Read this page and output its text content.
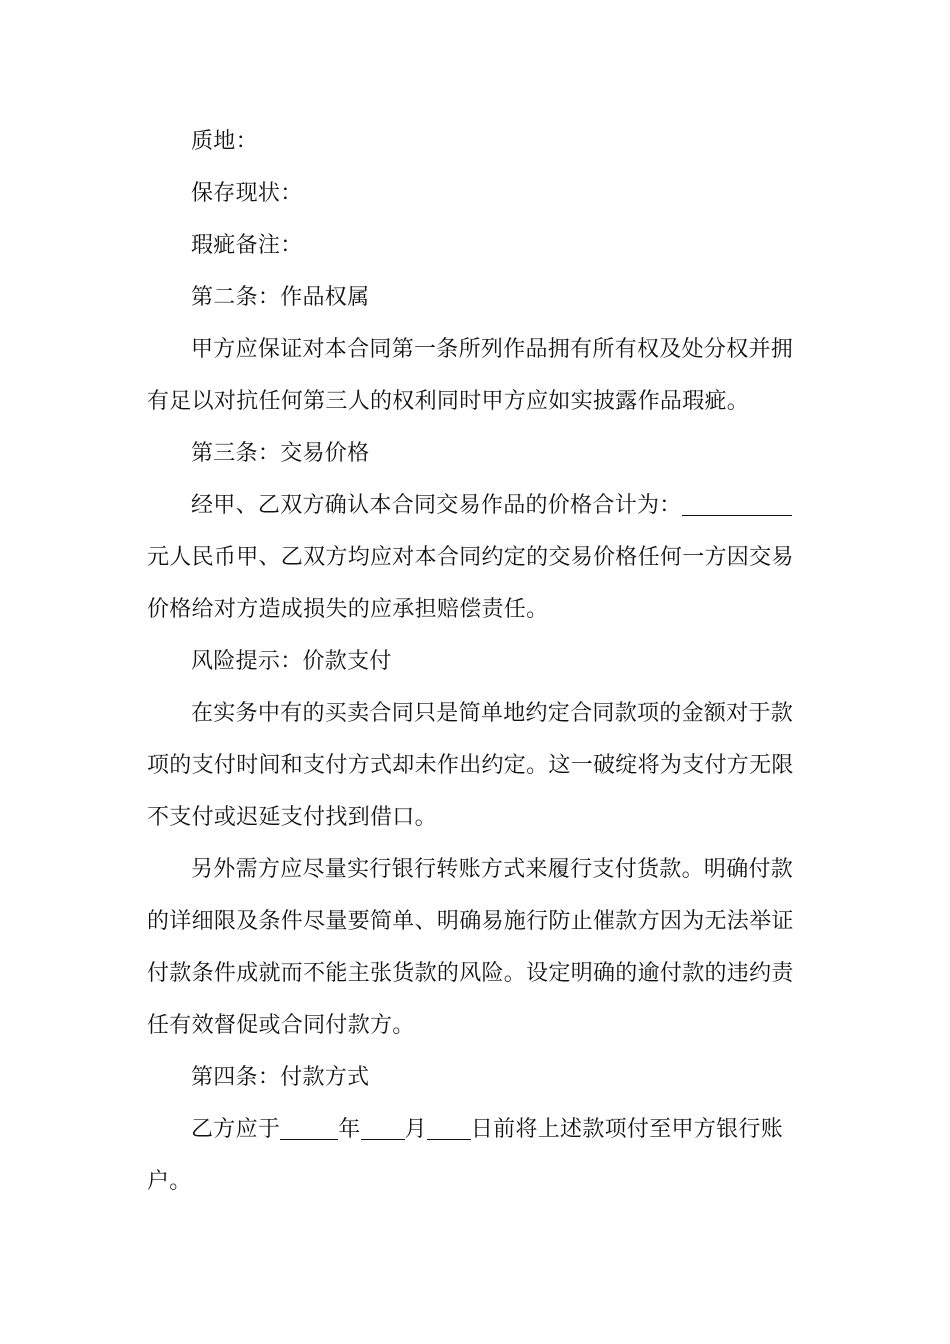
质地：

保存现状：

瑕疵备注：

第二条：作品权属

甲方应保证对本合同第一条所列作品拥有所有权及处分权并拥有足以对抗任何第三人的权利同时甲方应如实披露作品瑕疵。

第三条：交易价格

经甲、乙双方确认本合同交易作品的价格合计为：元人民币甲、乙双方均应对本合同约定的交易价格任何一方因交易价格给对方造成损失的应承担赔偿责任。

风险提示：价款支付

在实务中有的买卖合同只是简单地约定合同款项的金额对于款项的支付时间和支付方式却未作出约定。这一破绽将为支付方无限不支付或迟延支付找到借口。

另外需方应尽量实行银行转账方式来履行支付货款。明确付款的详细限及条件尽量要简单、明确易施行防止催款方因为无法举证付款条件成就而不能主张货款的风险。设定明确的逾付款的违约责任有效督促或合同付款方。

第四条：付款方式

乙方应于	年 月 日前将上述款项付至甲方银行账户。
